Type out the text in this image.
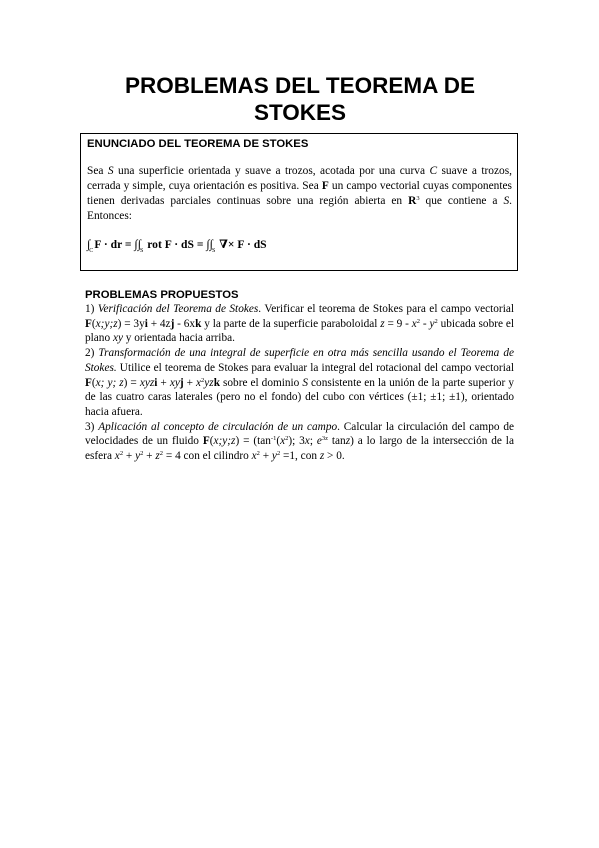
PROBLEMAS DEL TEOREMA DE
STOKES
ENUNCIADO DEL TEOREMA DE STOKES

Sea S una superficie orientada y suave a trozos, acotada por una curva C suave a trozos, cerrada y simple, cuya orientación es positiva. Sea F un campo vectorial cuyas componentes tienen derivadas parciales continuas sobre una región abierta en $R^3$ que contiene a S. Entonces:

$\int_CF$ · dr = $\int\int_S$ rot F · dS = $\int\int_S$ ∇× F · dS
PROBLEMAS PROPUESTOS

1) Verificación del Teorema de Stokes. Verificar el teorema de Stokes para el campo vectorial F(x;y;z) = 3yi + 4zj - 6xk y la parte de la superficie paraboloidal $z = 9 - x^2 - y^2$ ubicada sobre el plano xy y orientada hacia arriba.

2) Transformación de una integral de superficie en otra más sencilla usando el Teorema de Stokes. Utilice el teorema de Stokes para evaluar la integral del rotacional del campo vectorial F(x; y; z) = xyzi + xyj + $x^2yzk$ sobre el dominio S consistente en la unión de la parte superior y de las cuatro caras laterales (pero no el fondo) del cubo con vértices (±1; ±1; ±1), orientado hacia afuera.

3) Aplicación al concepto de circulación de un campo. Calcular la circulación del campo de velocidades de un fluido F(x;y;z) = ($\tan^{-1}(x^2)$; 3x; $e^{3z}$ tanz) a lo largo de la intersección de la esfera $x^2 + y^2 + z^2 = 4$ con el cilindro $x^2 + y^2 =1$, con z > 0.
